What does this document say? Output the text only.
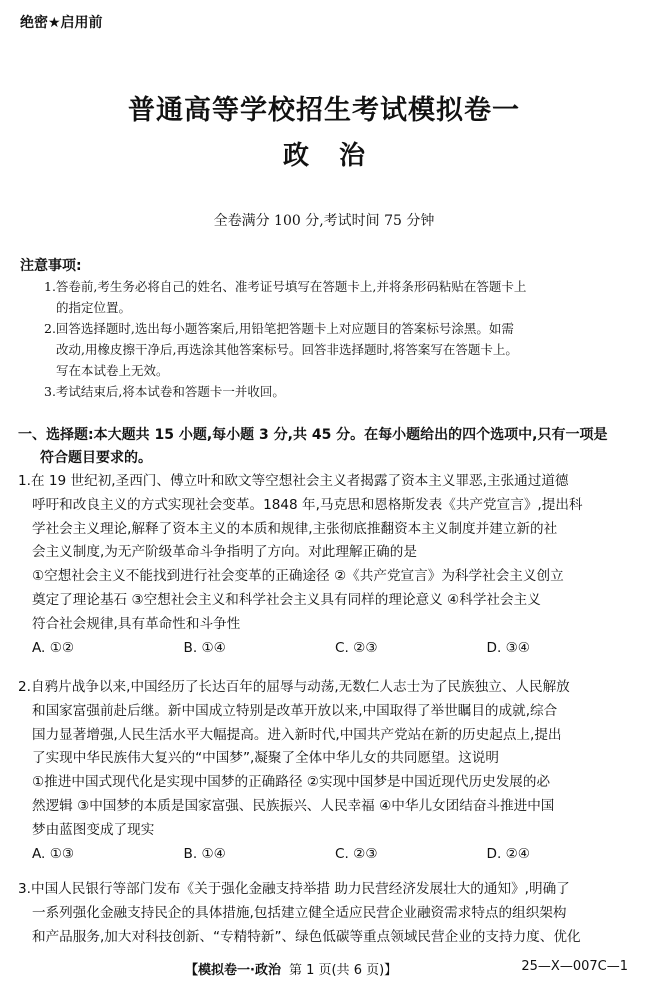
绝密★启用前
普通高等学校招生考试模拟卷一
政治
全卷满分 100 分,考试时间 75 分钟
注意事项:

1.答卷前,考生务必将自己的姓名、准考证号填写在答题卡上,并将条形码粘贴在答题卡上

的指定位置。

2.回答选择题时,选出每小题答案后,用铅笔把答题卡上对应题目的答案标号涂黑。如需

改动,用橡皮擦干净后,再选涂其他答案标号。回答非选择题时,将答案写在答题卡上。

写在本试卷上无效。

3.考试结束后,将本试卷和答题卡一并收回。

一、选择题:本大题共 15 小题,每小题 3 分,共 45 分。在每小题给出的四个选项中,只有一项是
符合题目要求的。

1.在 19 世纪初,圣西门、傅立叶和欧文等空想社会主义者揭露了资本主义罪恶,主张通过道德

呼吁和改良主义的方式实现社会变革。1848 年,马克思和恩格斯发表《共产党宣言》,提出科

学社会主义理论,解释了资本主义的本质和规律,主张彻底推翻资本主义制度并建立新的社

会主义制度,为无产阶级革命斗争指明了方向。对此理解正确的是

①空想社会主义不能找到进行社会变革的正确途径 ②《共产党宣言》为科学社会主义创立

奠定了理论基石 ③空想社会主义和科学社会主义具有同样的理论意义 ④科学社会主义

符合社会规律,具有革命性和斗争性

A. ①②	B. ①④	C. ②③	D. ③④

2.自鸦片战争以来,中国经历了长达百年的屈辱与动荡,无数仁人志士为了民族独立、人民解放

和国家富强前赴后继。新中国成立特别是改革开放以来,中国取得了举世瞩目的成就,综合

国力显著增强,人民生活水平大幅提高。进入新时代,中国共产党站在新的历史起点上,提出

了实现中华民族伟大复兴的“中国梦”,凝聚了全体中华儿女的共同愿望。这说明

①推进中国式现代化是实现中国梦的正确路径 ②实现中国梦是中国近现代历史发展的必

然逻辑 ③中国梦的本质是国家富强、民族振兴、人民幸福 ④中华儿女团结奋斗推进中国

梦由蓝图变成了现实

A. ①③	B. ①④	C. ②③	D. ②④

3.中国人民银行等部门发布《关于强化金融支持举措 助力民营经济发展壮大的通知》,明确了

一系列强化金融支持民企的具体措施,包括建立健全适应民营企业融资需求特点的组织架构

和产品服务,加大对科技创新、“专精特新”、绿色低碳等重点领域民营企业的支持力度、优化

【模拟卷一·政治 第 1 页(共 6 页)】	25—X—007C—1
